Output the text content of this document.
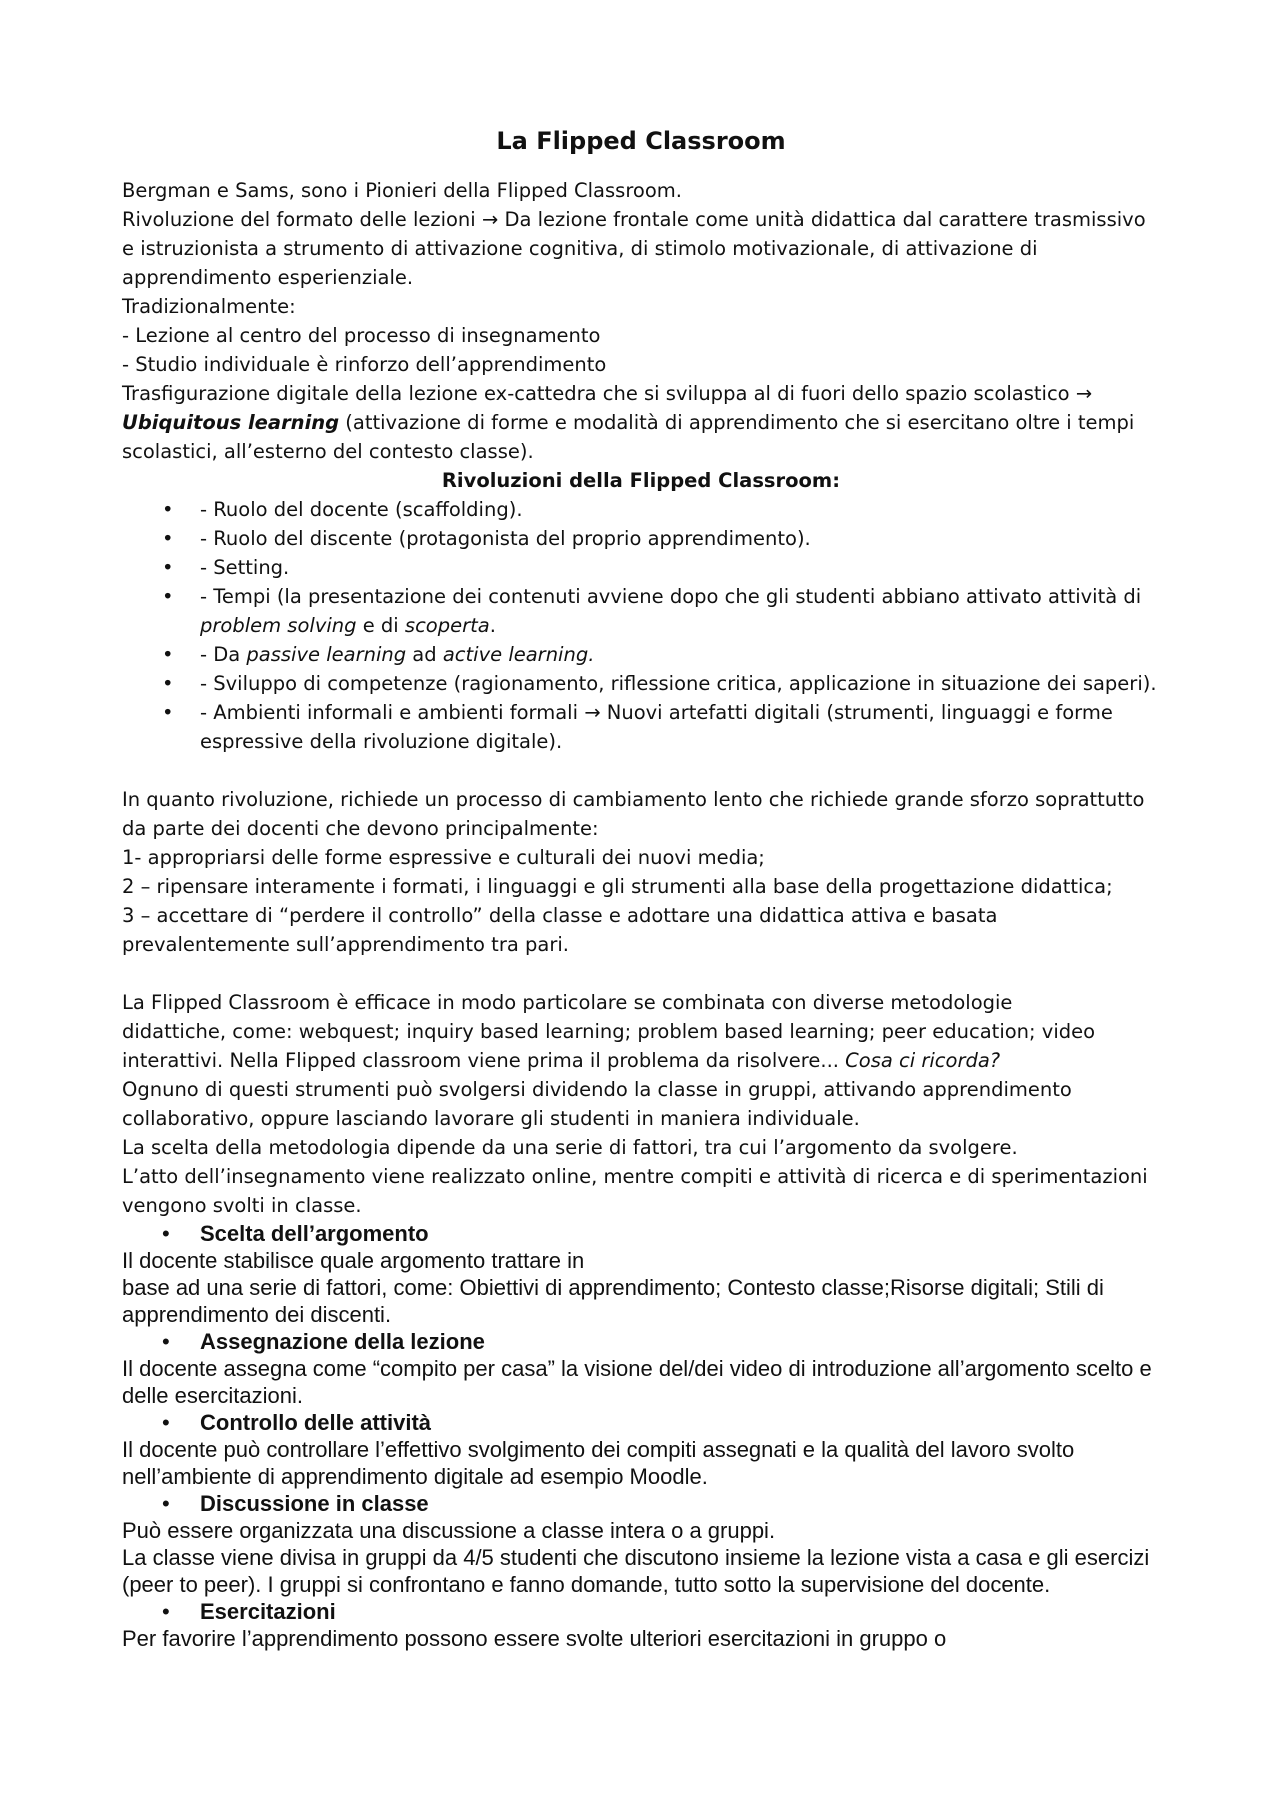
La Flipped Classroom

Bergman e Sams, sono i Pionieri della Flipped Classroom.

Rivoluzione del formato delle lezioni → Da lezione frontale come unità didattica dal carattere trasmissivo e istruzionista a strumento di attivazione cognitiva, di stimolo motivazionale, di attivazione di apprendimento esperienziale.

Tradizionalmente:

- Lezione al centro del processo di insegnamento

- Studio individuale è rinforzo dell’apprendimento

Trasfigurazione digitale della lezione ex-cattedra che si sviluppa al di fuori dello spazio scolastico →
Ubiquitous learning (attivazione di forme e modalità di apprendimento che si esercitano oltre i tempi scolastici, all’esterno del contesto classe).

Rivoluzioni della Flipped Classroom:

• - Ruolo del docente (scaffolding).
• - Ruolo del discente (protagonista del proprio apprendimento).
• - Setting.
• - Tempi (la presentazione dei contenuti avviene dopo che gli studenti abbiano attivato attività di problem solving e di scoperta.
• - Da passive learning ad active learning.
• - Sviluppo di competenze (ragionamento, riflessione critica, applicazione in situazione dei saperi).
• - Ambienti informali e ambienti formali → Nuovi artefatti digitali (strumenti, linguaggi e forme espressive della rivoluzione digitale).

In quanto rivoluzione, richiede un processo di cambiamento lento che richiede grande sforzo soprattutto da parte dei docenti che devono principalmente:

1- appropriarsi delle forme espressive e culturali dei nuovi media;

2 – ripensare interamente i formati, i linguaggi e gli strumenti alla base della progettazione didattica;

3 – accettare di “perdere il controllo” della classe e adottare una didattica attiva e basata prevalentemente sull’apprendimento tra pari.

La Flipped Classroom è efficace in modo particolare se combinata con diverse metodologie

didattiche, come: webquest; inquiry based learning; problem based learning; peer education; video interattivi. Nella Flipped classroom viene prima il problema da risolvere... Cosa ci ricorda?

Ognuno di questi strumenti può svolgersi dividendo la classe in gruppi, attivando apprendimento collaborativo, oppure lasciando lavorare gli studenti in maniera individuale.

La scelta della metodologia dipende da una serie di fattori, tra cui l’argomento da svolgere.

L’atto dell’insegnamento viene realizzato online, mentre compiti e attività di ricerca e di sperimentazioni vengono svolti in classe.

• Scelta dell’argomento

Il docente stabilisce quale argomento trattare in

base ad una serie di fattori, come: Obiettivi di apprendimento; Contesto classe;Risorse digitali; Stili di apprendimento dei discenti.

• Assegnazione della lezione

Il docente assegna come “compito per casa” la visione del/dei video di introduzione all’argomento scelto e delle esercitazioni.

• Controllo delle attività

Il docente può controllare l’effettivo svolgimento dei compiti assegnati e la qualità del lavoro svolto nell’ambiente di apprendimento digitale ad esempio Moodle.

• Discussione in classe

Può essere organizzata una discussione a classe intera o a gruppi.

La classe viene divisa in gruppi da 4/5 studenti che discutono insieme la lezione vista a casa e gli esercizi (peer to peer). I gruppi si confrontano e fanno domande, tutto sotto la supervisione del docente.

• Esercitazioni

Per favorire l’apprendimento possono essere svolte ulteriori esercitazioni in gruppo o
